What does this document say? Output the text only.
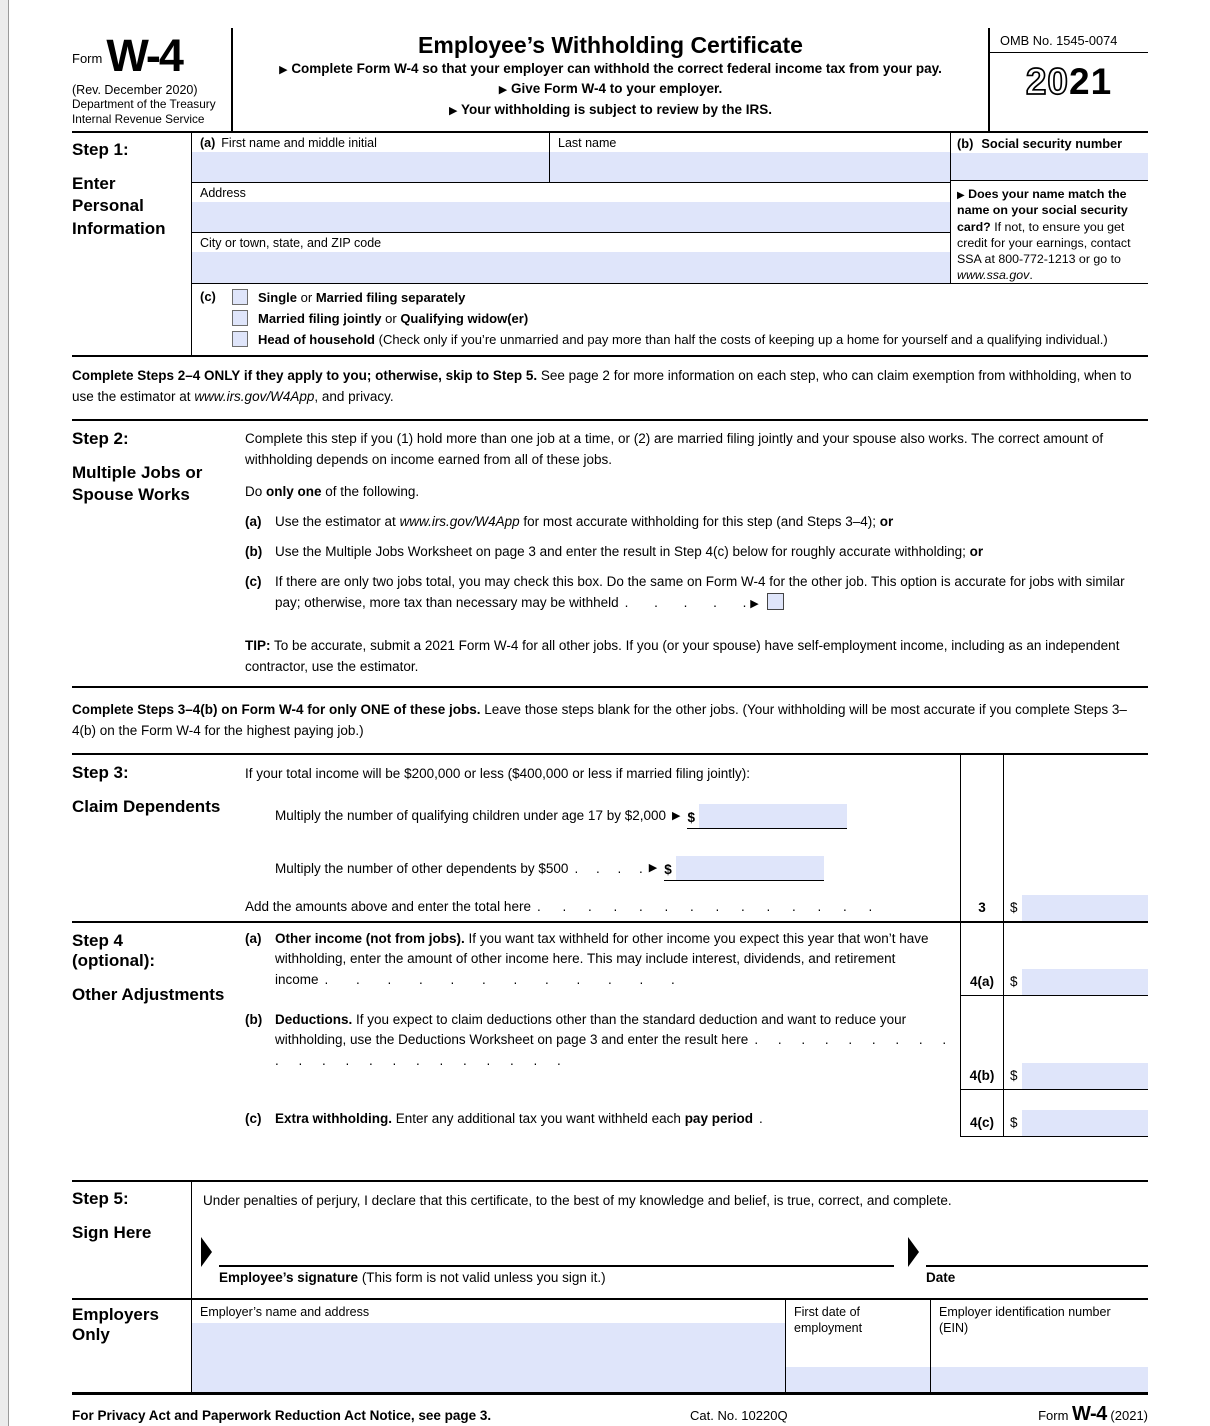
FormW-4
(Rev. December 2020)
Department of the Treasury
Internal Revenue Service
Employee’s Withholding Certificate
▶ Complete Form W-4 so that your employer can withhold the correct federal income tax from your pay.
▶ Give Form W-4 to your employer.
▶ Your withholding is subject to review by the IRS.
OMB No. 1545-0074
2021
Step 1:
Enter Personal Information
(a) First name and middle initial	Last name
Address
City or town, state, and ZIP code
(b) Social security number
▶ Does your name match the name on your social security card? If not, to ensure you get credit for your earnings, contact SSA at 800-772-1213 or go to www.ssa.gov.
(c)	Single or Married filing separately
Married filing jointly or Qualifying widow(er)
Head of household (Check only if you’re unmarried and pay more than half the costs of keeping up a home for yourself and a qualifying individual.)
Complete Steps 2–4 ONLY if they apply to you; otherwise, skip to Step 5. See page 2 for more information on each step, who can claim exemption from withholding, when to use the estimator at www.irs.gov/W4App, and privacy.
Step 2:
Multiple Jobs or Spouse Works
Complete this step if you (1) hold more than one job at a time, or (2) are married filing jointly and your spouse also works. The correct amount of withholding depends on income earned from all of these jobs.
Do only one of the following.
(a)	Use the estimator at www.irs.gov/W4App for most accurate withholding for this step (and Steps 3–4); or
(b) Use the Multiple Jobs Worksheet on page 3 and enter the result in Step 4(c) below for roughly accurate withholding; or
(c)	If there are only two jobs total, you may check this box. Do the same on Form W-4 for the other job. This option is accurate for jobs with similar pay; otherwise, more tax than necessary may be withheld . . . . . ▶
TIP: To be accurate, submit a 2021 Form W-4 for all other jobs. If you (or your spouse) have self-employment income, including as an independent contractor, use the estimator.
Complete Steps 3–4(b) on Form W-4 for only ONE of these jobs. Leave those steps blank for the other jobs. (Your withholding will be most accurate if you complete Steps 3–4(b) on the Form W-4 for the highest paying job.)
Step 3:
Claim Dependents
If your total income will be $200,000 or less ($400,000 or less if married filing jointly):
Multiply the number of qualifying children under age 17 by $2,000 ▶ $
Multiply the number of other dependents by $500 . . . . ▶ $
Add the amounts above and enter the total here . . . . . . . . . . . . . .	3	$
Step 4
(optional):
Other Adjustments
(a)	Other income (not from jobs). If you want tax withheld for other income you expect this year that won’t have withholding, enter the amount of other income here. This may include interest, dividends, and retirement income . . . . . . . . . . . .	4(a)	$
(b) Deductions. If you expect to claim deductions other than the standard deduction and want to reduce your withholding, use the Deductions Worksheet on page 3 and enter the result here . . . . . . . . . . . . . . . . . . . . . .
4(b)	$
(c)	Extra withholding. Enter any additional tax you want withheld each pay period .	4(c)	$
Step 5:
Sign Here
Under penalties of perjury, I declare that this certificate, to the best of my knowledge and belief, is true, correct, and complete.
Employee’s signature (This form is not valid unless you sign it.)	Date
Employers Only
Employer’s name and address	First date of employment
Employer identification number (EIN)
For Privacy Act and Paperwork Reduction Act Notice, see page 3.	Cat. No. 10220Q	Form W-4 (2021)
